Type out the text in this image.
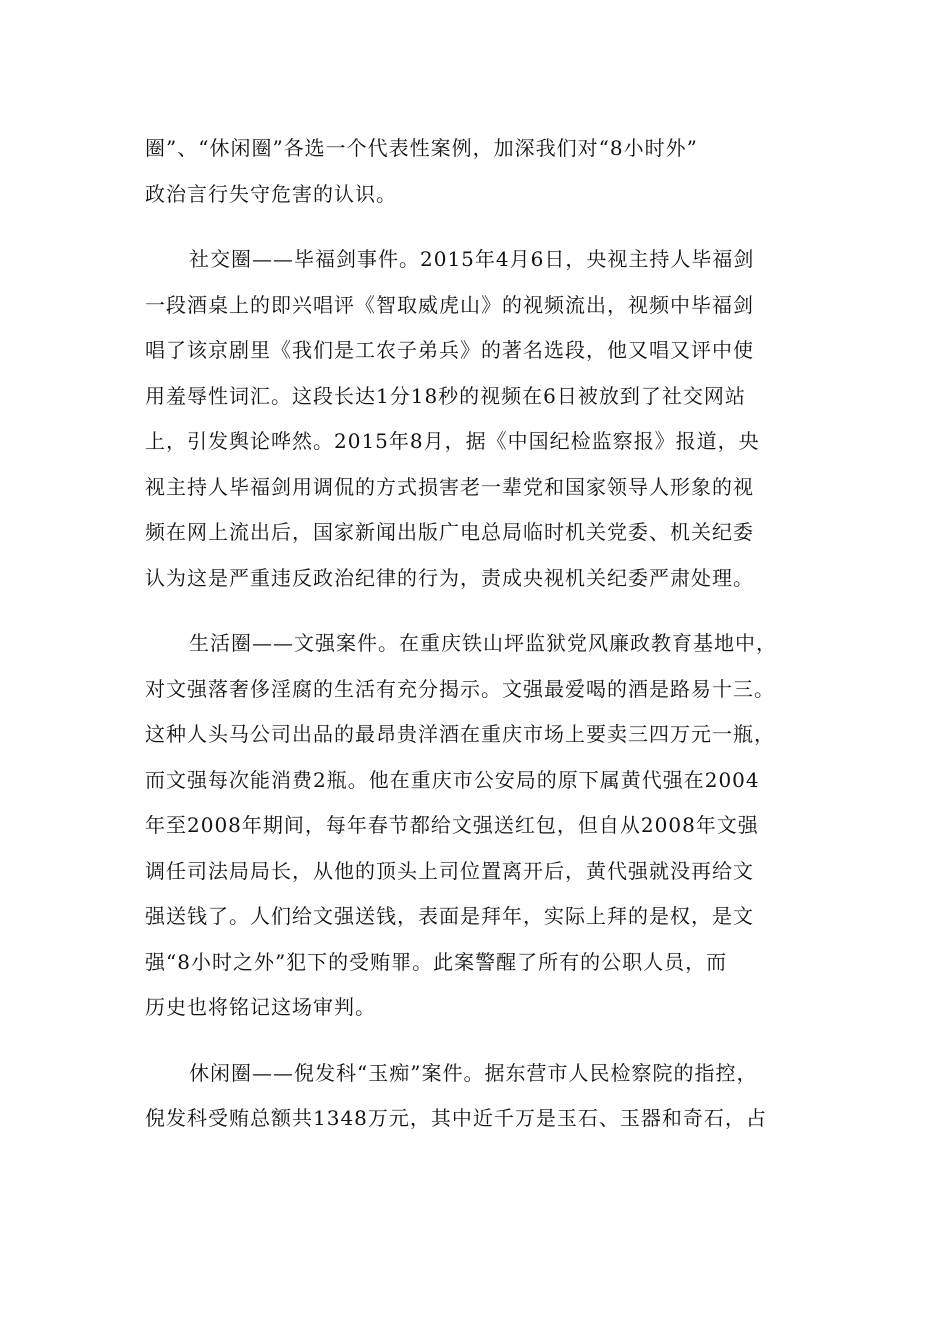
圈”、“休闲圈”各选一个代表性案例，加深我们对“8小时外”
政治言行失守危害的认识。
社交圈——毕福剑事件。2015年4月6日，央视主持人毕福剑
一段酒桌上的即兴唱评《智取威虎山》的视频流出，视频中毕福剑
唱了该京剧里《我们是工农子弟兵》的著名选段，他又唱又评中使
用羞辱性词汇。这段长达1分18秒的视频在6日被放到了社交网站
上，引发舆论哗然。2015年8月，据《中国纪检监察报》报道，央
视主持人毕福剑用调侃的方式损害老一辈党和国家领导人形象的视
频在网上流出后，国家新闻出版广电总局临时机关党委、机关纪委
认为这是严重违反政治纪律的行为，责成央视机关纪委严肃处理。
生活圈——文强案件。在重庆铁山坪监狱党风廉政教育基地中，
对文强落奢侈淫腐的生活有充分揭示。文强最爱喝的酒是路易十三。
这种人头马公司出品的最昂贵洋酒在重庆市场上要卖三四万元一瓶，
而文强每次能消费2瓶。他在重庆市公安局的原下属黄代强在2004
年至2008年期间，每年春节都给文强送红包，但自从2008年文强
调任司法局局长，从他的顶头上司位置离开后，黄代强就没再给文
强送钱了。人们给文强送钱，表面是拜年，实际上拜的是权，是文
强“8小时之外”犯下的受贿罪。此案警醒了所有的公职人员，而
历史也将铭记这场审判。
休闲圈——倪发科“玉痴”案件。据东营市人民检察院的指控，
倪发科受贿总额共1348万元，其中近千万是玉石、玉器和奇石，占
